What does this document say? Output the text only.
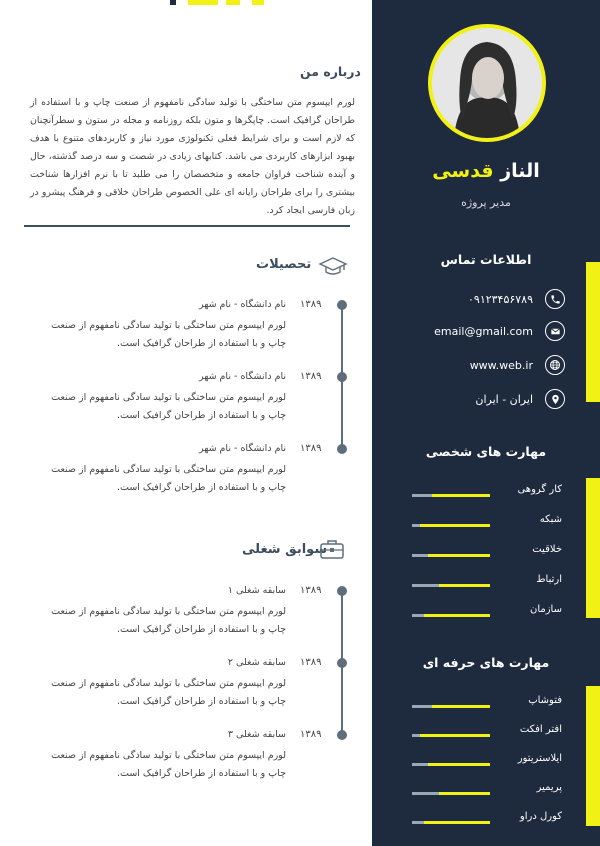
الناز قدسی
مدیر پروژه
اطلاعات تماس
۰۹۱۲۳۴۵۶۷۸۹
email@gmail.com
www.web.ir
ایران - ایران
مهارت های شخصی
کار گروهی
شبکه
خلاقیت
ارتباط
سازمان
مهارت های حرفه ای
فتوشاپ
افتر افکت
ایلاستریتور
پریمیر
کورل دراو
درباره من
لورم ایپسوم متن ساختگی با تولید سادگی نامفهوم از صنعت چاپ و با استفاده از طراحان گرافیک است. چاپگرها و متون بلکه روزنامه و مجله در ستون و سطرآنچنان که لازم است و برای شرایط فعلی تکنولوژی مورد نیاز و کاربردهای متنوع با هدف بهبود ابزارهای کاربردی می باشد. کتابهای زیادی در شصت و سه درصد گذشته، حال و آینده شناخت فراوان جامعه و متخصصان را می طلبد تا با نرم افزارها شناخت بیشتری را برای طراحان رایانه ای علی الخصوص طراحان خلاقی و فرهنگ پیشرو در زبان فارسی ایجاد کرد.
تحصیلات
۱۳۸۹
نام دانشگاه - نام شهر
لورم ایپسوم متن ساختگی با تولید سادگی نامفهوم از صنعت چاپ و با استفاده از طراحان گرافیک است.
۱۳۸۹
نام دانشگاه - نام شهر
لورم ایپسوم متن ساختگی با تولید سادگی نامفهوم از صنعت چاپ و با استفاده از طراحان گرافیک است.
۱۳۸۹
نام دانشگاه - نام شهر
لورم ایپسوم متن ساختگی با تولید سادگی نامفهوم از صنعت چاپ و با استفاده از طراحان گرافیک است.
سوابق شغلی
۱۳۸۹
سابقه شغلی ۱
لورم ایپسوم متن ساختگی با تولید سادگی نامفهوم از صنعت چاپ و با استفاده از طراحان گرافیک است.
۱۳۸۹
سابقه شغلی ۲
لورم ایپسوم متن ساختگی با تولید سادگی نامفهوم از صنعت چاپ و با استفاده از طراحان گرافیک است.
۱۳۸۹
سابقه شغلی ۳
لورم ایپسوم متن ساختگی با تولید سادگی نامفهوم از صنعت چاپ و با استفاده از طراحان گرافیک است.
